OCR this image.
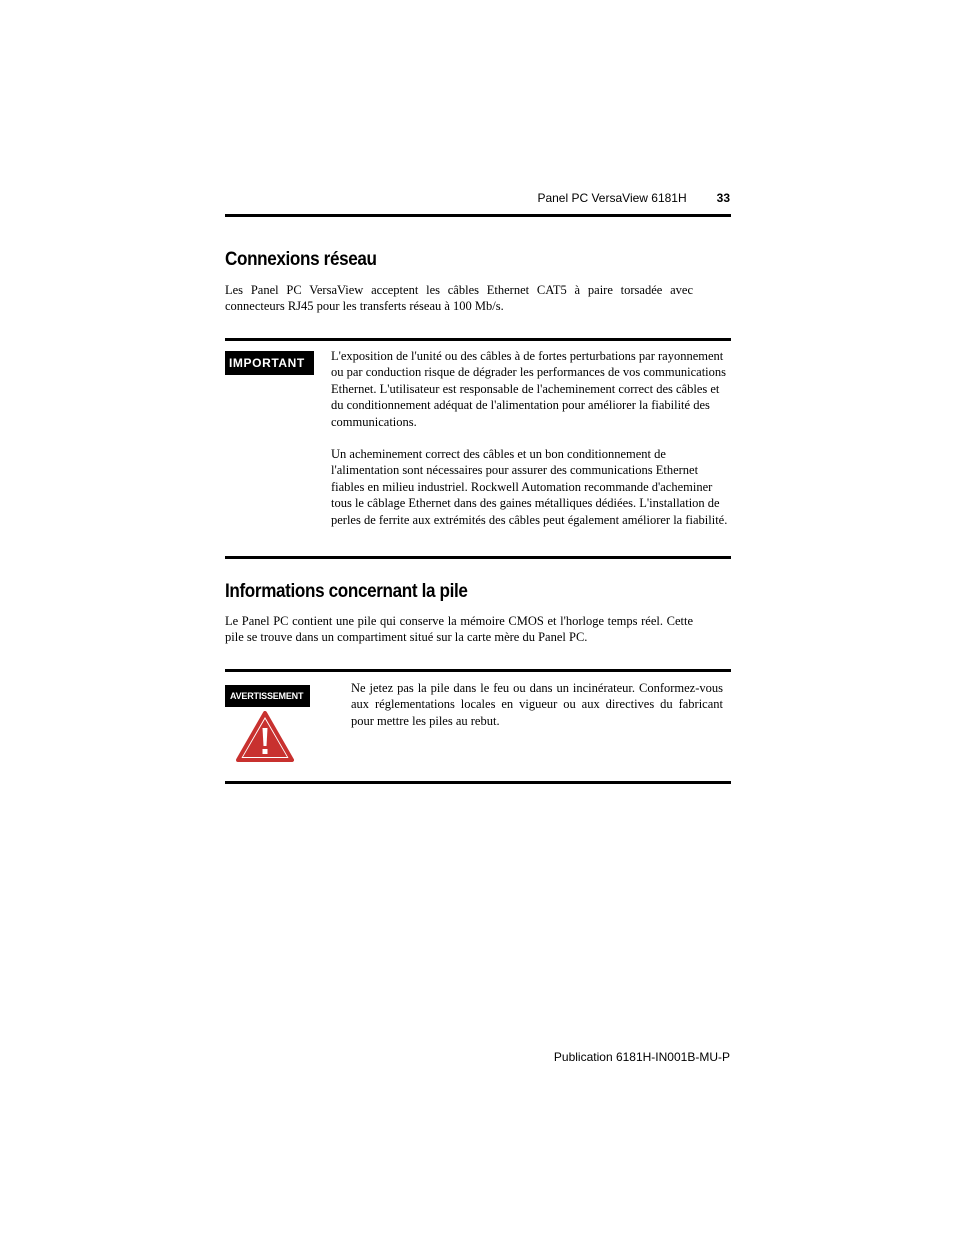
Panel PC VersaView 6181H	33
Connexions réseau

Les Panel PC VersaView acceptent les câbles Ethernet CAT5 à paire torsadée avec connecteurs RJ45 pour les transferts réseau à 100 Mb/s.

IMPORTANT	L'exposition de l'unité ou des câbles à de fortes perturbations par rayonnement ou par conduction risque de dégrader les performances de vos communications Ethernet. L'utilisateur est responsable de l'acheminement correct des câbles et du conditionnement adéquat de l'alimentation pour améliorer la fiabilité des communications.

Un acheminement correct des câbles et un bon conditionnement de l'alimentation sont nécessaires pour assurer des communications Ethernet fiables en milieu industriel. Rockwell Automation recommande d'acheminer tous le câblage Ethernet dans des gaines métalliques dédiées. L'installation de perles de ferrite aux extrémités des câbles peut également améliorer la fiabilité.

Informations concernant la pile

Le Panel PC contient une pile qui conserve la mémoire CMOS et l'horloge temps réel. Cette pile se trouve dans un compartiment situé sur la carte mère du Panel PC.

AVERTISSEMENT

Ne jetez pas la pile dans le feu ou dans un incinérateur. Conformez-vous aux réglementations locales en vigueur ou aux directives du fabricant pour mettre les piles au rebut.

Publication 6181H-IN001B-MU-P
